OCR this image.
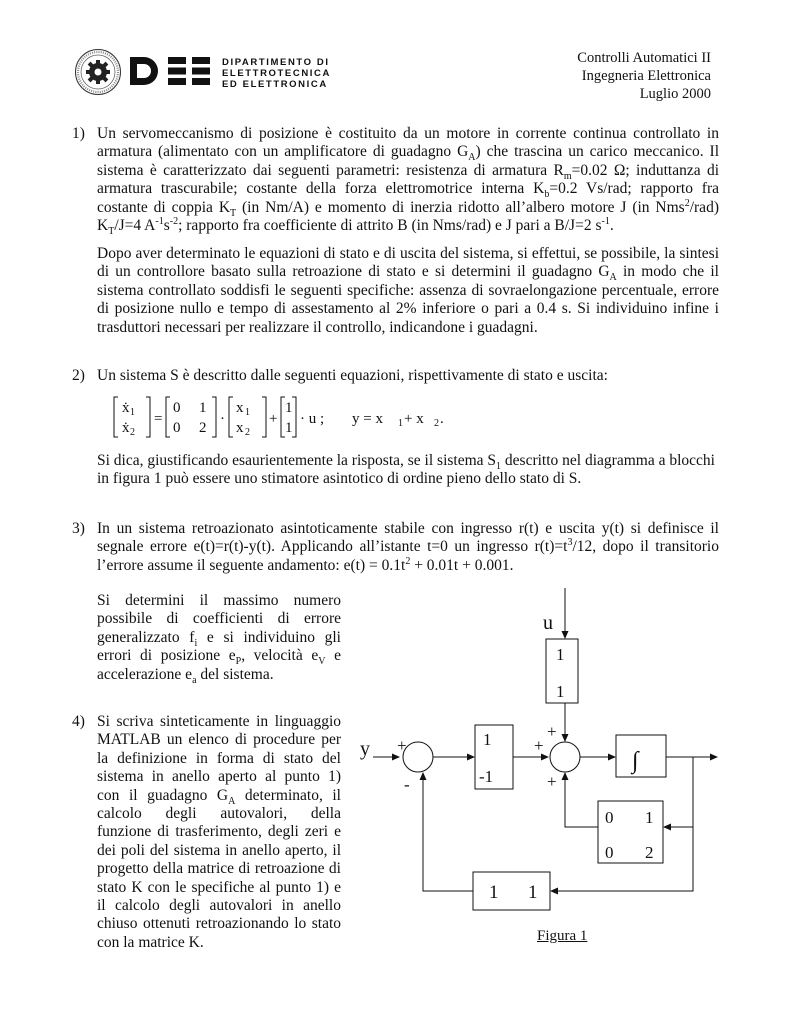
DIPARTIMENTO DI
ELETTROTECNICA
ED ELETTRONICA
Controlli Automatici II
Ingegneria Elettronica
Luglio 2000
1) Un servomeccanismo di posizione è costituito da un motore in corrente continua controllato in
armatura (alimentato con un amplificatore di guadagno $G_A$) che trascina un carico meccanico. Il
sistema è caratterizzato dai seguenti parametri: resistenza di armatura $R_m=0.02$ Ω; induttanza di
armatura trascurabile; costante della forza elettromotrice interna $K_b=0.2$ Vs/rad; rapporto fra
costante di coppia $K_T$ (in Nm/A) e momento di inerzia ridotto all’albero motore J (in Nms$^2$/rad)
$K_T/J=4$ $A^{-1}s^{-2}$; rapporto fra coefficiente di attrito B (in Nms/rad) e J pari a B/J=2 $s^{-1}$.
Dopo aver determinato le equazioni di stato e di uscita del sistema, si effettui, se possibile, la sintesi
di un controllore basato sulla retroazione di stato e si determini il guadagno $G_A$ in modo che il
sistema controllato soddisfi le seguenti specifiche: assenza di sovraelongazione percentuale, errore
di posizione nullo e tempo di assestamento al 2% inferiore o pari a 0.4 s. Si individuino infine i
trasduttori necessari per realizzare il controllo, indicandone i guadagni.
2) Un sistema S è descritto dalle seguenti equazioni, rispettivamente di stato e uscita:
ẋ 1
ẋ 2
=
0 1
0 2
·
x 1
x 2
+
1
1
· u ; y = x 1 + x 2 .
Si dica, giustificando esaurientemente la risposta, se il sistema $S_1$ descritto nel diagramma a blocchi
in figura 1 può essere uno stimatore asintotico di ordine pieno dello stato di S.
3) In un sistema retroazionato asintoticamente stabile con ingresso r(t) e uscita y(t) si definisce il
segnale errore e(t)=r(t)-y(t). Applicando all’istante t=0 un ingresso $r(t)=t^3/12$, dopo il transitorio
l’errore assume il seguente andamento: $e(t) = 0.1t^2 + 0.01t + 0.001$.
Si determini il massimo numero
possibile di coefficienti di errore
generalizzato $f_i$ e si individuino gli
errori di posizione $e_P$, velocità $e_V$ e
accelerazione $e_a$ del sistema.
4) Si scriva sinteticamente in linguaggio
MATLAB un elenco di procedure per
la definizione in forma di stato del
sistema in anello aperto al punto 1)
con il guadagno $G_A$ determinato, il
calcolo degli autovalori, della
funzione di trasferimento, degli zeri e
dei poli del sistema in anello aperto, il
progetto della matrice di retroazione di
stato K con le specifiche al punto 1) e
il calcolo degli autovalori in anello
chiuso ottenuti retroazionando lo stato
con la matrice K.
u
y
1
1
+
-
1
-1
+
+
+
∫
0 1
0 2
1 1
Figura 1
